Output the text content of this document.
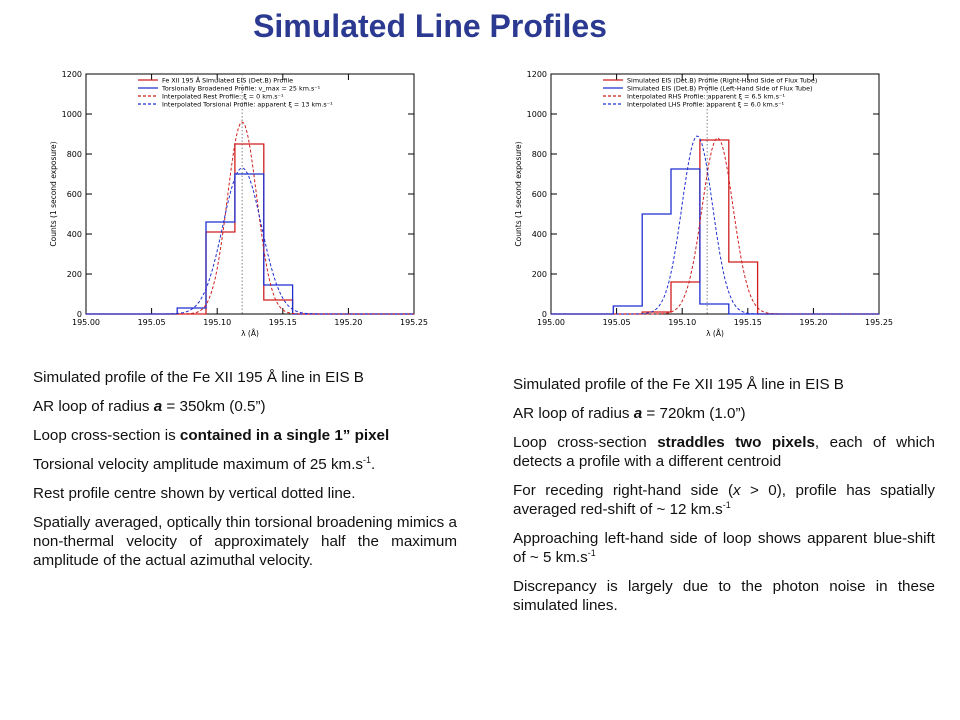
Simulated Line Profiles
0
200
400
600
800
1000
1200
195.00	195.05	195.10	195.15	195.20	195.25
λ (Å)
Counts (1 second exposure)
Fe XII 195 Å Simulated EIS (Det.B) Profile
Torsionally Broadened Profile: v_max = 25 km.s⁻¹
Interpolated Rest Profile: ξ = 0 km.s⁻¹
Interpolated Torsional Profile: apparent ξ = 13 km.s⁻¹
0
200
400
600
800
1000
1200
195.00	195.05	195.10	195.15	195.20	195.25
λ (Å)
Counts (1 second exposure)
Simulated EIS (Det.B) Profile (Right-Hand Side of Flux Tube)
Simulated EIS (Det.B) Profile (Left-Hand Side of Flux Tube)
Interpolated RHS Profile: apparent ξ = 6.5 km.s⁻¹
Interpolated LHS Profile: apparent ξ = 6.0 km.s⁻¹

Simulated profile of the Fe XII 195 Å line in EIS B

AR loop of radius a = 350km (0.5”)

Loop cross-section is contained in a single 1” pixel

Torsional velocity amplitude maximum of 25 $km.s^{-1}$.

Rest profile centre shown by vertical dotted line.

Spatially averaged, optically thin torsional broadening mimics a non-thermal velocity of approximately half the maximum amplitude of the actual azimuthal velocity.

Simulated profile of the Fe XII 195 Å line in EIS B

AR loop of radius a = 720km (1.0”)

Loop cross-section straddles two pixels, each of which detects a profile with a different centroid

For receding right-hand side (x > 0), profile has spatially averaged red-shift of ~ 12 $km.s^{-1}$

Approaching left-hand side of loop shows apparent blue-shift of ~ 5 $km.s^{-1}$

Discrepancy is largely due to the photon noise in these simulated lines.
